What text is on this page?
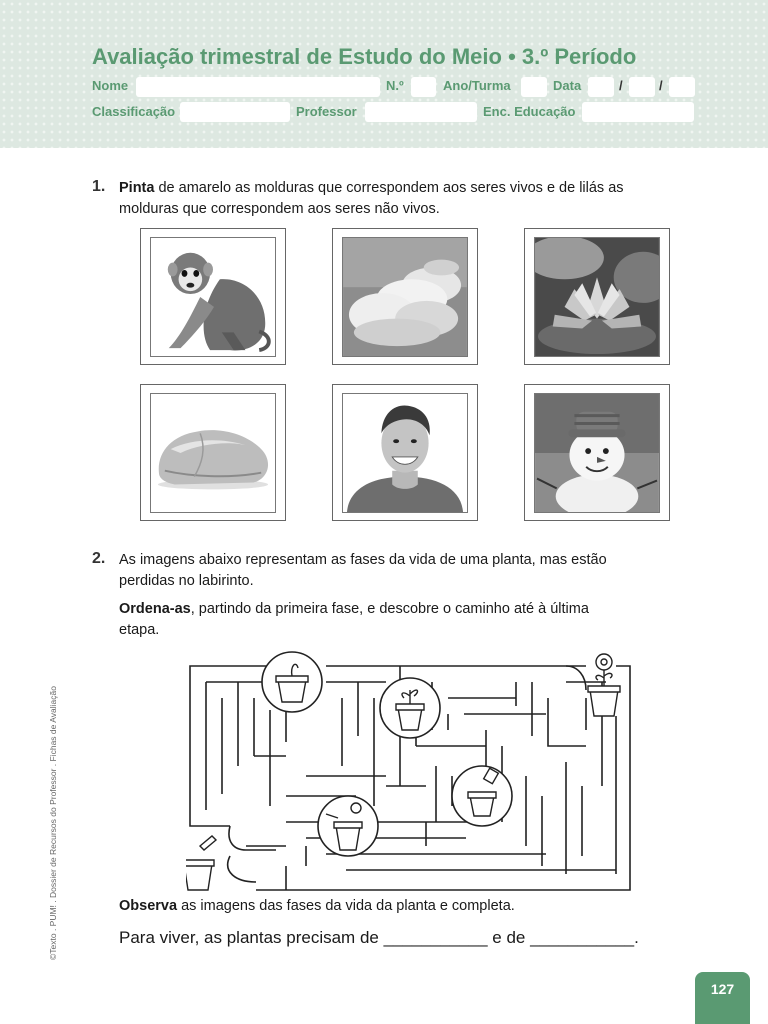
Avaliação trimestral de Estudo do Meio • 3.º Período
Nome	N.º	Ano/Turma	Data	/	/
Classificação	Professor	Enc. Educação
©Texto . PUM! . Dossier de Recursos do Professor . Fichas de Avaliação
1. Pinta de amarelo as molduras que correspondem aos seres vivos e de lilás as
molduras que correspondem aos seres não vivos.
2. As imagens abaixo representam as fases da vida de uma planta, mas estão
perdidas no labirinto.
Ordena-as, partindo da primeira fase, e descobre o caminho até à última
etapa.
Observa as imagens das fases da vida da planta e completa.
Para viver, as plantas precisam de ___________ e de ___________.
127
